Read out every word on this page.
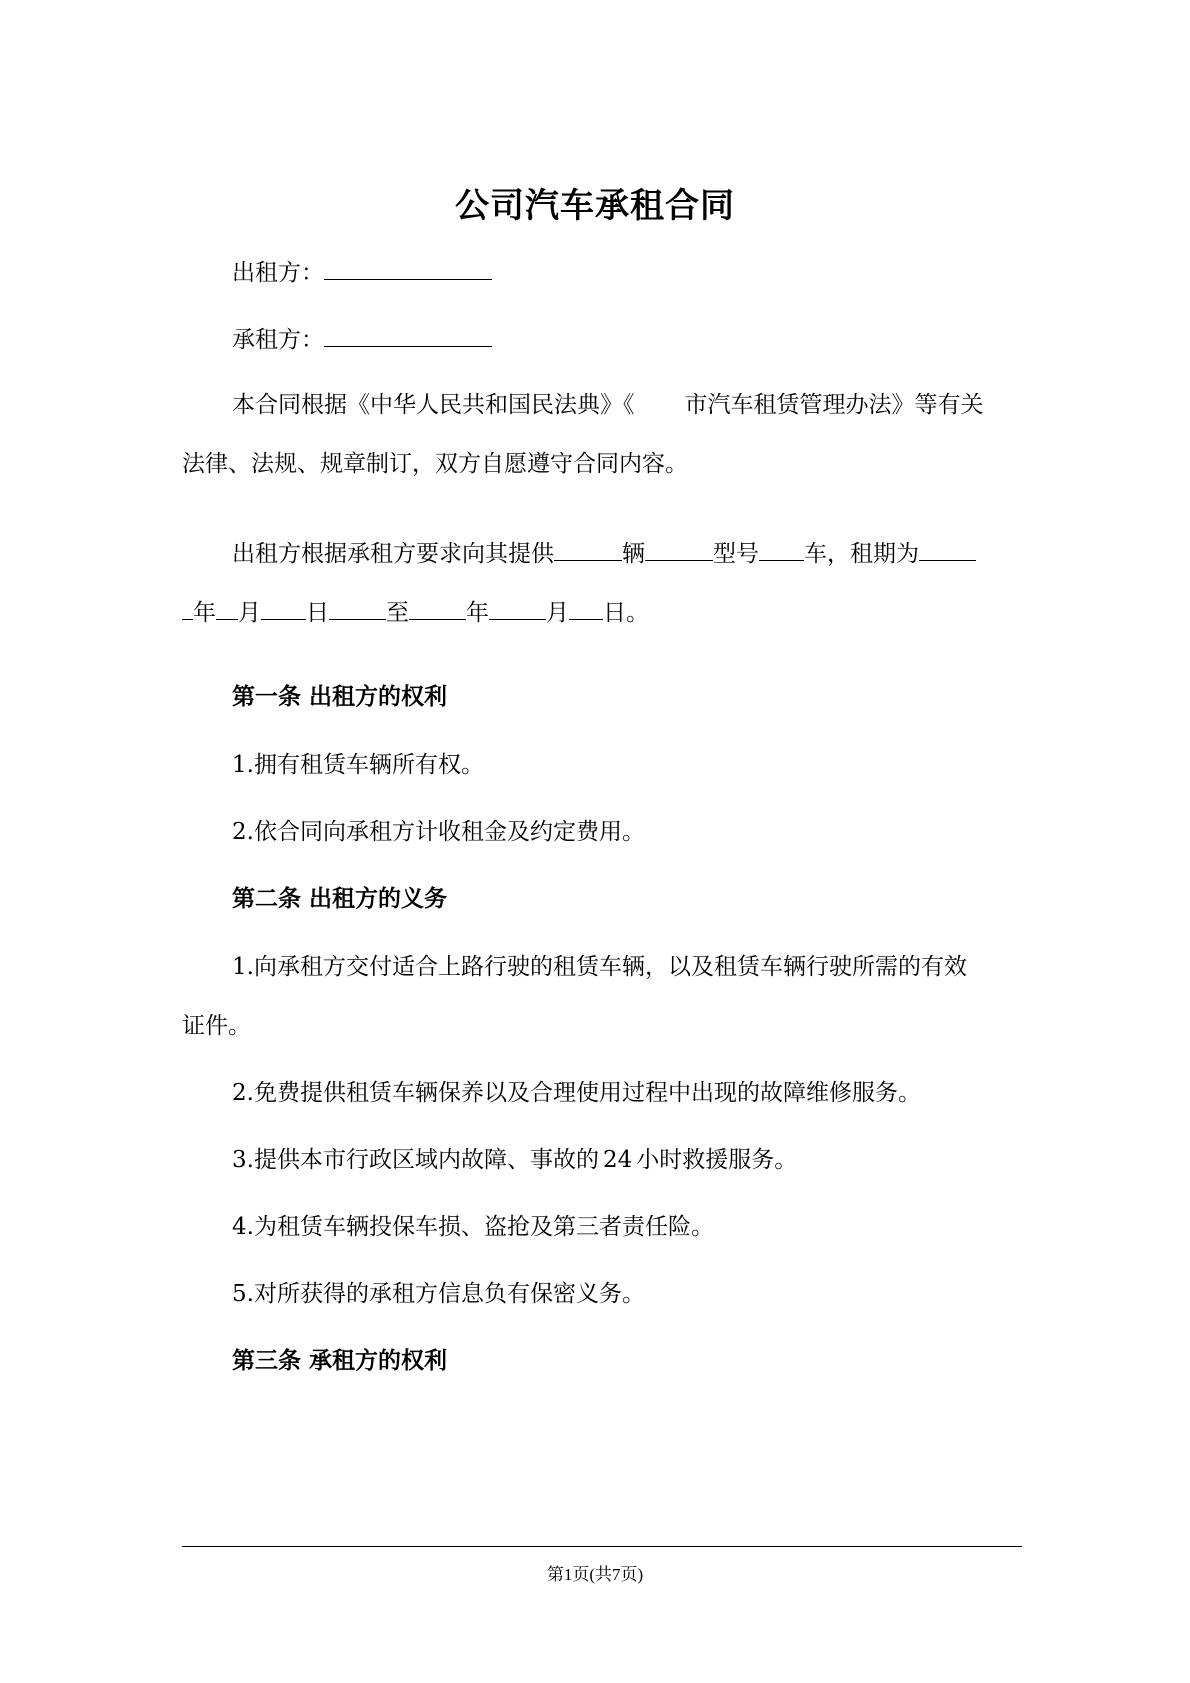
公司汽车承租合同
出租方：
承租方：
本合同根据《中华人民共和国民法典》《 市汽车租赁管理办法》等有关
法律、法规、规章制订，双方自愿遵守合同内容。
出租方根据承租方要求向其提供	辆	型号 车，租期为
年 月 日 至 年 月 日。
第一条 出租方的权利
1.拥有租赁车辆所有权。
2.依合同向承租方计收租金及约定费用。
第二条 出租方的义务
1.向承租方交付适合上路行驶的租赁车辆，以及租赁车辆行驶所需的有效
证件。
2.免费提供租赁车辆保养以及合理使用过程中出现的故障维修服务。
3.提供本市行政区域内故障、事故的 24 小时救援服务。
4.为租赁车辆投保车损、盗抢及第三者责任险。
5.对所获得的承租方信息负有保密义务。
第三条 承租方的权利
第1页(共7页)
